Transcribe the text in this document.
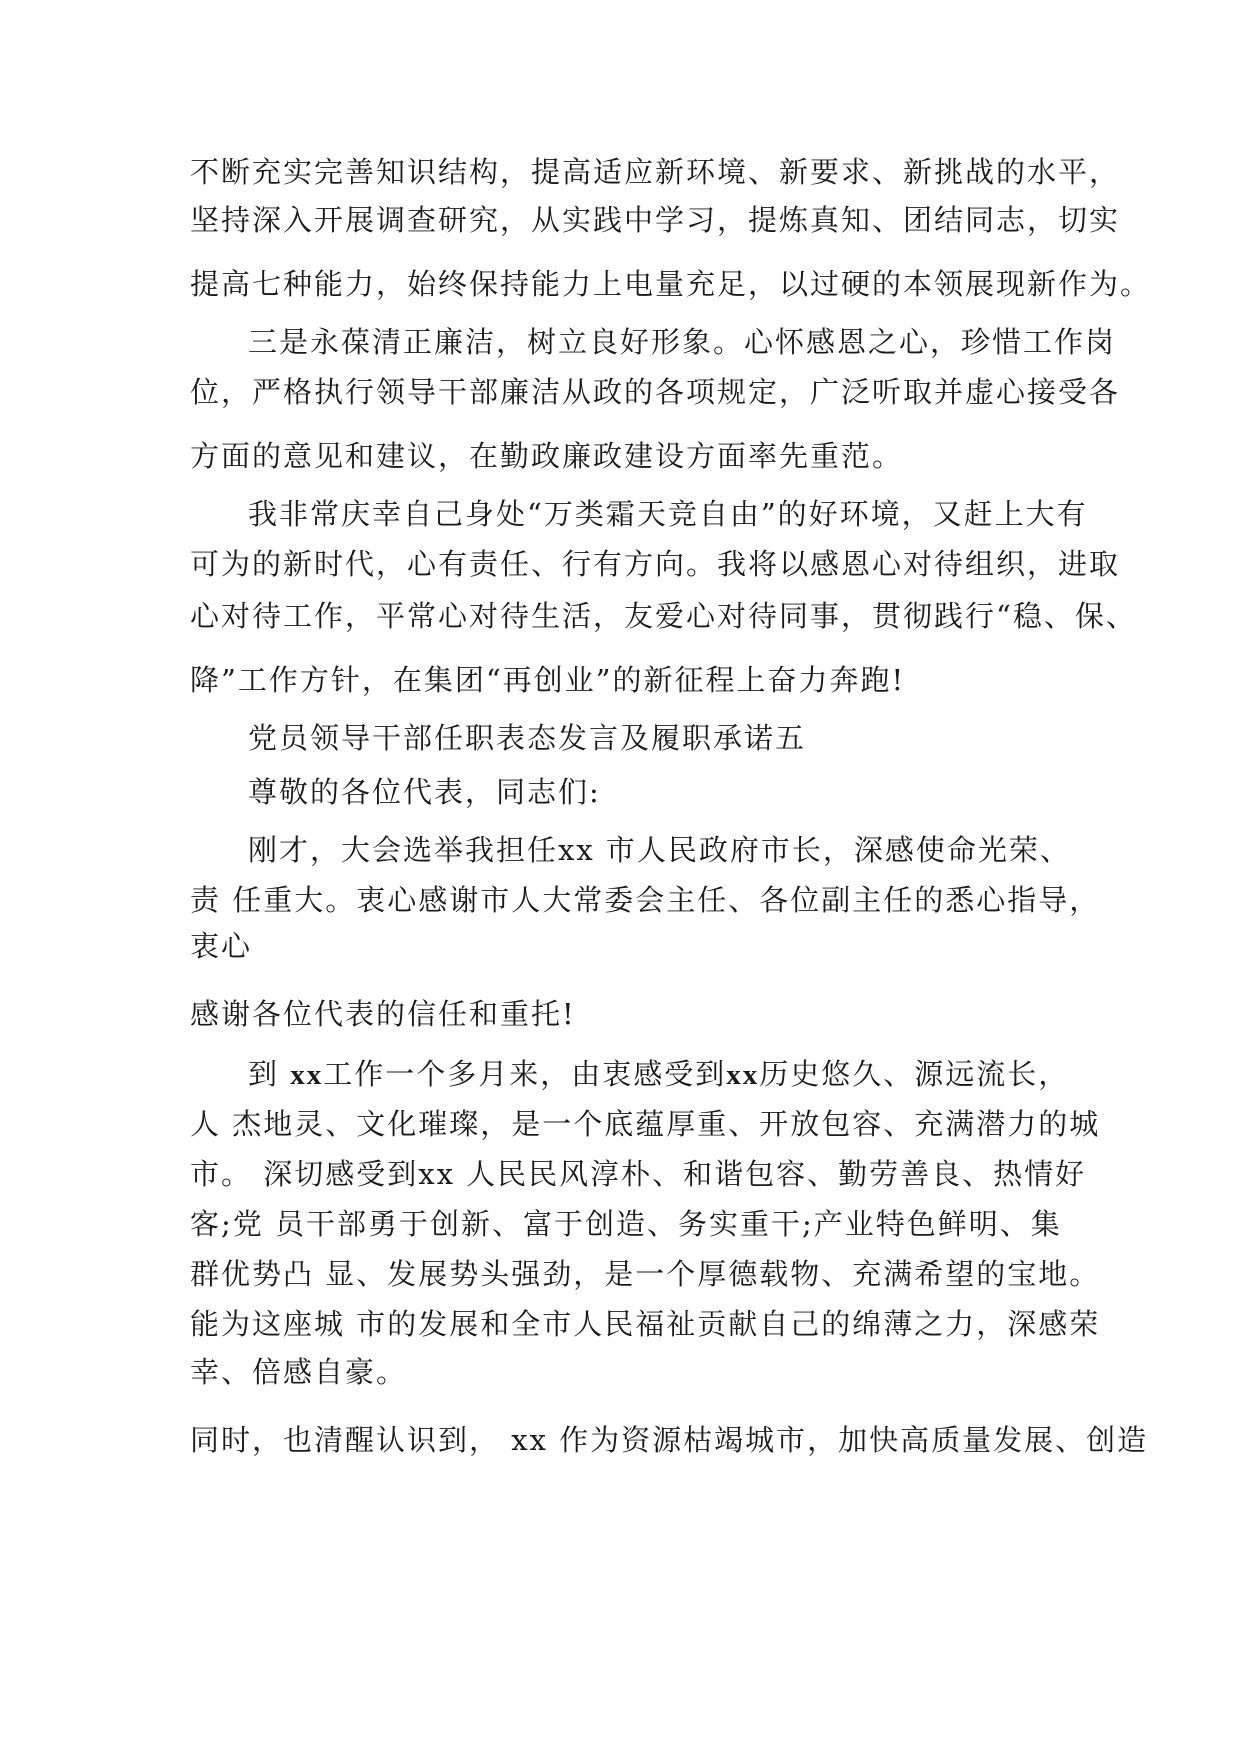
不断充实完善知识结构，提高适应新环境、新要求、新挑战的水平，
坚持深入开展调查研究，从实践中学习，提炼真知、团结同志，切实
提高七种能力，始终保持能力上电量充足，以过硬的本领展现新作为。
三是永葆清正廉洁，树立良好形象。心怀感恩之心，珍惜工作岗
位，严格执行领导干部廉洁从政的各项规定，广泛听取并虚心接受各
方面的意见和建议，在勤政廉政建设方面率先重范。
我非常庆幸自己身处“万类霜天竞自由”的好环境，又赶上大有
可为的新时代，心有责任、行有方向。我将以感恩心对待组织，进取
心对待工作，平常心对待生活，友爱心对待同事，贯彻践行“稳、保、
降”工作方针，在集团“再创业”的新征程上奋力奔跑!
党员领导干部任职表态发言及履职承诺五
尊敬的各位代表，同志们:
刚才，大会选举我担任xx 市人民政府市长，深感使命光荣、
责 任重大。衷心感谢市人大常委会主任、各位副主任的悉心指导，
衷心
感谢各位代表的信任和重托!
到 xx工作一个多月来，由衷感受到xx历史悠久、源远流长，
人 杰地灵、文化璀璨，是一个底蕴厚重、开放包容、充满潜力的城
市。 深切感受到xx 人民民风淳朴、和谐包容、勤劳善良、热情好
客;党 员干部勇于创新、富于创造、务实重干;产业特色鲜明、集
群优势凸 显、发展势头强劲，是一个厚德载物、充满希望的宝地。
能为这座城 市的发展和全市人民福祉贡献自己的绵薄之力，深感荣
幸、倍感自豪。
同时，也清醒认识到， xx 作为资源枯竭城市，加快高质量发展、创造
